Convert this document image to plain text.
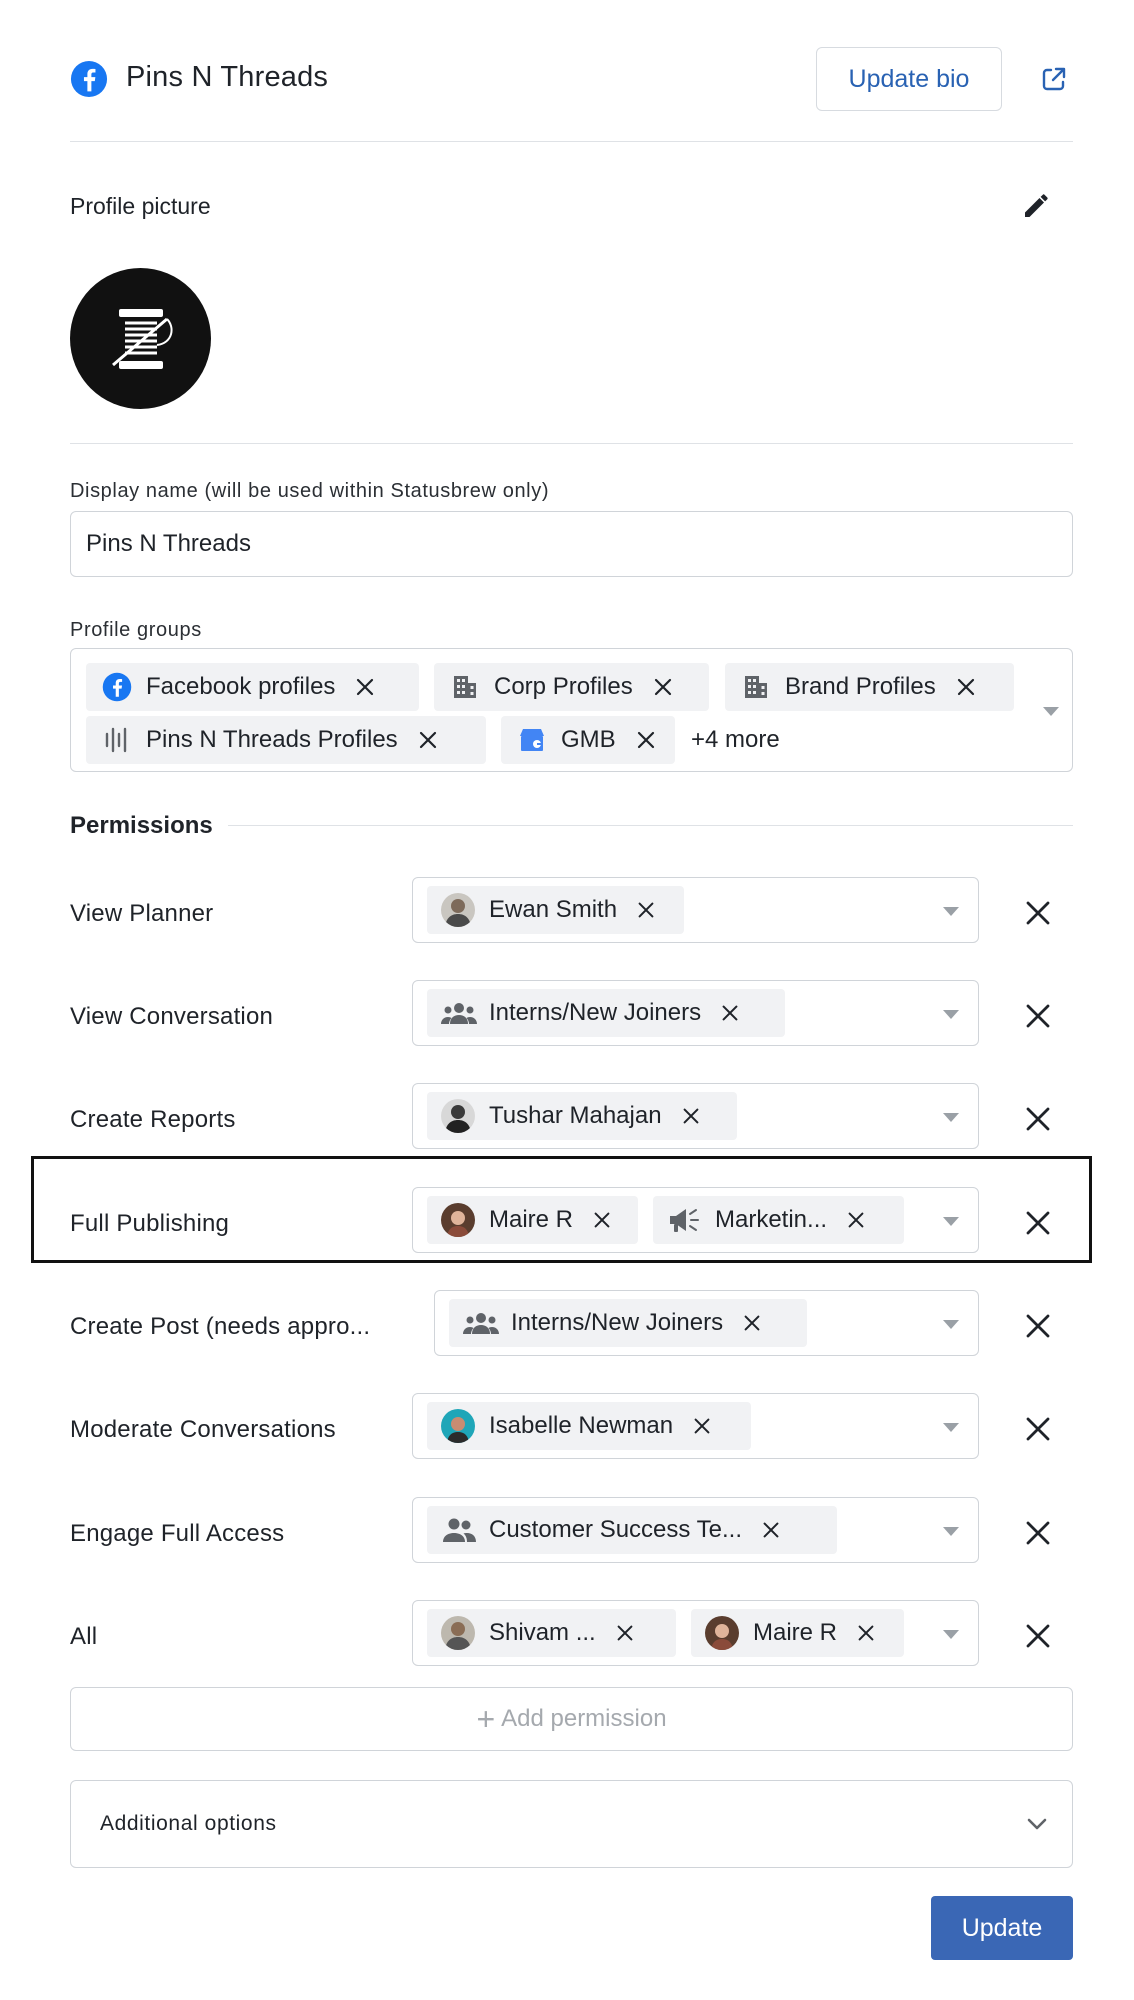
Pins N Threads	Update bio
Profile picture
Display name (will be used within Statusbrew only)
Pins N Threads
Profile groups
Facebook profiles	Corp Profiles	Brand Profiles
Pins N Threads Profiles	GMB	+4 more
Permissions
View Planner	Ewan Smith
View Conversation	Interns/New Joiners
Create Reports	Tushar Mahajan
Full Publishing	Maire R	Marketin...
Create Post (needs appro...	Interns/New Joiners
Moderate Conversations	Isabelle Newman
Engage Full Access	Customer Success Te...
All	Shivam ...	Maire R
+ Add permission
Additional options
Update
